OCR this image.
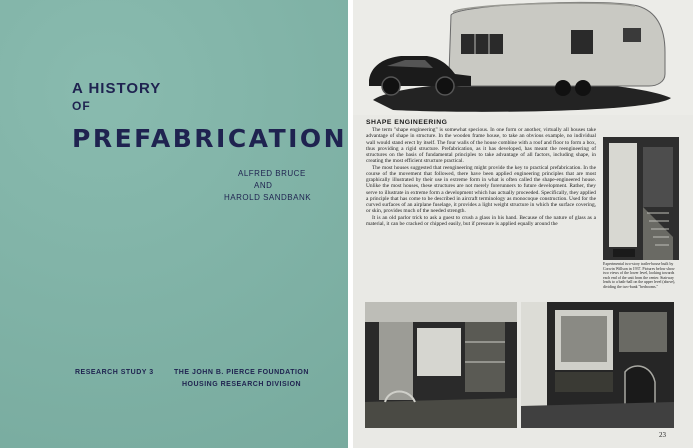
A HISTORY
OF
PREFABRICATION
ALFRED BRUCE
AND
HAROLD SANDBANK
RESEARCH STUDY 3	THE JOHN B. PIERCE FOUNDATION
HOUSING RESEARCH DIVISION
SHAPE ENGINEERING

The term "shape engineering" is somewhat specious. In one form or another, virtually all houses take advantage of shape in structure. In the wooden frame house, to take an obvious example, no individual wall would stand erect by itself. The four walls of the house combine with a roof and floor to form a box, thus providing a rigid structure. Prefabrication, as it has developed, has meant the reengineering of structures on the basis of fundamental principles to take advantage of all factors, including shape, in creating the most efficient structure practical.

The most houses suggested that reengineering might provide the key to practical prefabrication. In the course of the movement that followed, there have been applied engineering principles that are most graphically illustrated by their use in extreme form in what is often called the shape-engineered house. Unlike the most houses, these structures are not merely forerunners to future development. Rather, they serve to illustrate in extreme form a development which has actually proceeded. Specifically, they applied a principle that has come to be described in aircraft terminology as monocoque construction. Used for the curved surfaces of an airplane fuselage, it provides a light weight structure in which the surface covering, or skin, provides much of the needed strength.

It is an old parlor trick to ask a guest to crush a glass in his hand. Because of the nature of glass as a material, it can be cracked or chipped easily, but if pressure is applied equally around the

Experimental two-story trailer-house built by Corwin Willson in 1937. Pictures below show two views of the lower level, looking towards each end of the unit from the center. Stairway leads to a bath-hall on the upper level (above), dividing the two-bunk "bedrooms."
23
